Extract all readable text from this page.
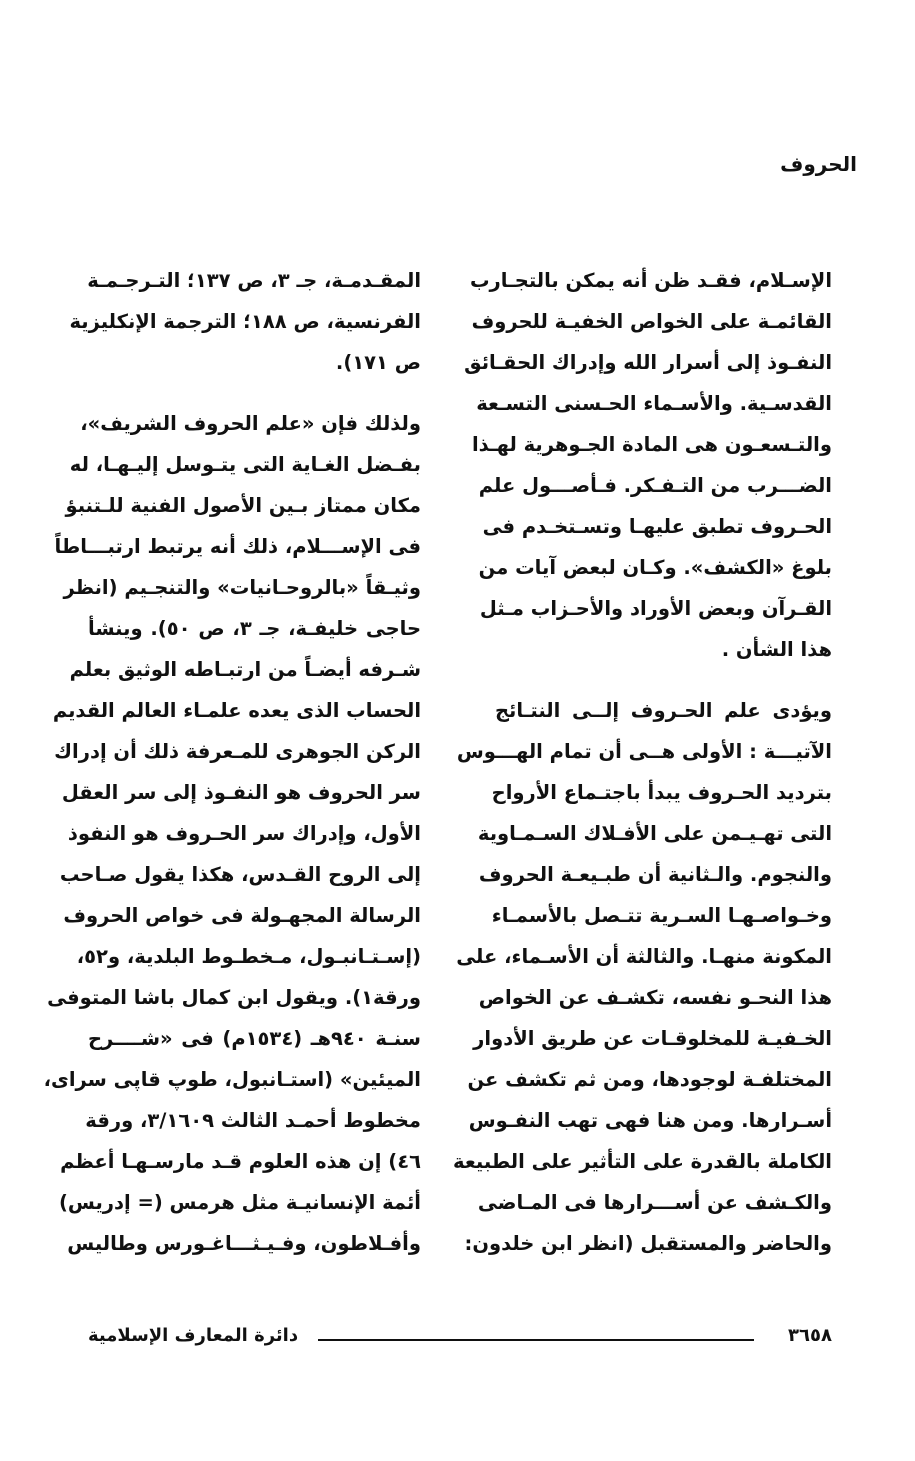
الحروف
الإسـلام، فقـد ظن أنه يمكن بالتجـارب
القائمـة على الخواص الخفيـة للحروف
النفـوذ إلى أسرار الله وإدراك الحقـائق
القدسـية. والأسـماء الحـسنى التسـعة
والتـسعـون هى المادة الجـوهرية لهـذا
الضـــرب من التـفـكر. فـأصـــول علم
الحـروف تطبق عليهـا وتسـتخـدم فى
بلوغ «الكشف». وكـان لبعض آيات من
القـرآن وبعض الأوراد والأحـزاب مـثل
هذا الشأن .
ويؤدى علم الحـروف إلــى النتـائج
الآتيـــة : الأولى هــى أن تمام الهـــوس
بترديد الحـروف يبدأ باجتـماع الأرواح
التى تهـيـمن على الأفـلاك السـمـاوية
والنجوم. والـثانية أن طبـيعـة الحروف
وخـواصـهـا السـرية تتـصل بالأسمـاء
المكونة منهـا. والثالثة أن الأسـماء، على
هذا النحـو نفسه، تكشـف عن الخواص
الخـفيـة للمخلوقـات عن طريق الأدوار
المختلفـة لوجودها، ومن ثم تكشف عن
أسـرارها. ومن هنا فهى تهب النفـوس
الكاملة بالقدرة على التأثير على الطبيعة
والكـشف عن أســـرارها فى المـاضى
والحاضر والمستقبل (انظر ابن خلدون:
المقـدمـة، جـ ٣، ص ١٣٧؛ التـرجـمـة
الفرنسية، ص ١٨٨؛ الترجمة الإنكليزية
ص ١٧١).
ولذلك فإن «علم الحروف الشريف»،
بفـضل الغـاية التى يتـوسل إليـهـا، له
مكان ممتاز بـين الأصول الفنية للـتنبؤ
فى الإســـلام، ذلك أنه يرتبط ارتبـــاطاً
وثيـقاً «بالروحـانيات» والتنجـيم (انظر
حاجى خليفـة، جـ ٣، ص ٥٠). وينشأ
شـرفه أيضـاً من ارتبـاطه الوثيق بعلم
الحساب الذى يعده علمـاء العالم القديم
الركن الجوهرى للمـعرفة ذلك أن إدراك
سر الحروف هو النفـوذ إلى سر العقل
الأول، وإدراك سر الحـروف هو النفوذ
إلى الروح القـدس، هكذا يقول صـاحب
الرسالة المجهـولة فى خواص الحروف
(إسـتـانبـول، مـخطـوط البلدية، و٥٢،
ورقة١). ويقول ابن كمال باشا المتوفى
سنـة ٩٤٠هـ (١٥٣٤م) فى «شــــرح
الميئين» (استـانبول، طوپ قاپى سراى،
مخطوط أحمـد الثالث ٣/١٦٠٩، ورقة
٤٦) إن هذه العلوم قـد مارسـهـا أعظم
أئمة الإنسانيـة مثل هرمس (= إدريس)
وأفـلاطون، وفـيـثـــاغـورس وطاليس
٣٦٥٨
دائرة المعارف الإسلامية
